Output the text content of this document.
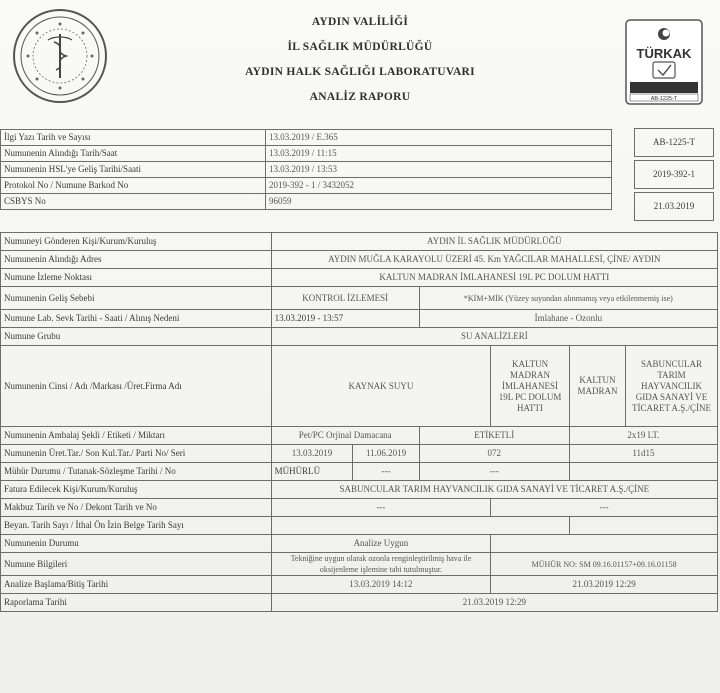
AYDIN VALİLİĞİ
İL SAĞLIK MÜDÜRLÜĞÜ
AYDIN HALK SAĞLIĞI LABORATUVARI
ANALİZ RAPORU
TÜRKAK
AB-1225-T
İlgi Yazı Tarih ve Sayısı	13.03.2019 / E.365
Numunenin Alındığı Tarih/Saat	13.03.2019 / 11:15
Numunenin HSL'ye Geliş Tarihi/Saati	13.03.2019 / 13:53
Protokol No / Numune Barkod No	2019-392 - 1 / 3432052
CSBYS No	96059
AB-1225-T
2019-392-1
21.03.2019
Numuneyi Gönderen Kişi/Kurum/Kuruluş	AYDIN İL SAĞLIK MÜDÜRLÜĞÜ					
Numunenin Alındığı Adres	AYDIN MUĞLA KARAYOLU ÜZERİ 45. Km YAĞCILAR MAHALLESİ, ÇİNE/ AYDIN					
Numune İzleme Noktası	KALTUN MADRAN İMLAHANESİ 19L PC DOLUM HATTI					
Numunenin Geliş Sebebi	KONTROL İZLEMESİ		*KİM+MİK (Yüzey suyundan alınmamış veya etkilenmemiş ise)			
Numune Lab. Sevk Tarihi - Saati / Alınış Nedeni	13.03.2019 - 13:57		İmlahane - Ozonlu			
Numune Grubu	SU ANALİZLERİ					
Numunenin Cinsi / Adı /Markası /Üret.Firma Adı	KAYNAK SUYU			KALTUN MADRAN İMLAHANESİ 19L PC DOLUM HATTI	KALTUN MADRAN	SABUNCULAR TARIM HAYVANCILIK GIDA SANAYİ VE TİCARET A.Ş./ÇİNE
Numunenin Ambalaj Şekli / Etiketi / Miktarı	Pet/PC Orjinal Damacana		ETİKETLİ		2x19 LT.	
Numunenin Üret.Tar./ Son Kul.Tar./ Parti No/ Seri	13.03.2019	11.06.2019	072		11d15	
Mühür Durumu / Tutanak-Sözleşme Tarihi / No	MÜHÜRLÜ	---	---			
Fatura Edilecek Kişi/Kurum/Kuruluş	SABUNCULAR TARIM HAYVANCILIK GIDA SANAYİ VE TİCARET A.Ş./ÇİNE					
Makbuz Tarih ve No / Dekont Tarih ve No	---			---		
Beyan. Tarih Sayı / İthal Ön İzin Belge Tarih Sayı						
Numunenin Durumu	Analize Uygun					
Numune Bilgileri	Tekniğine uygun olarak ozonla renginleştirilmiş hava ile oksijenleme işlemine tabi tutulmuştur.			MÜHÜR NO: SM 09.16.01157+09.16.01158		
Analize Başlama/Bitiş Tarihi	13.03.2019 14:12			21.03.2019 12:29		
Raporlama Tarihi	21.03.2019 12:29					
